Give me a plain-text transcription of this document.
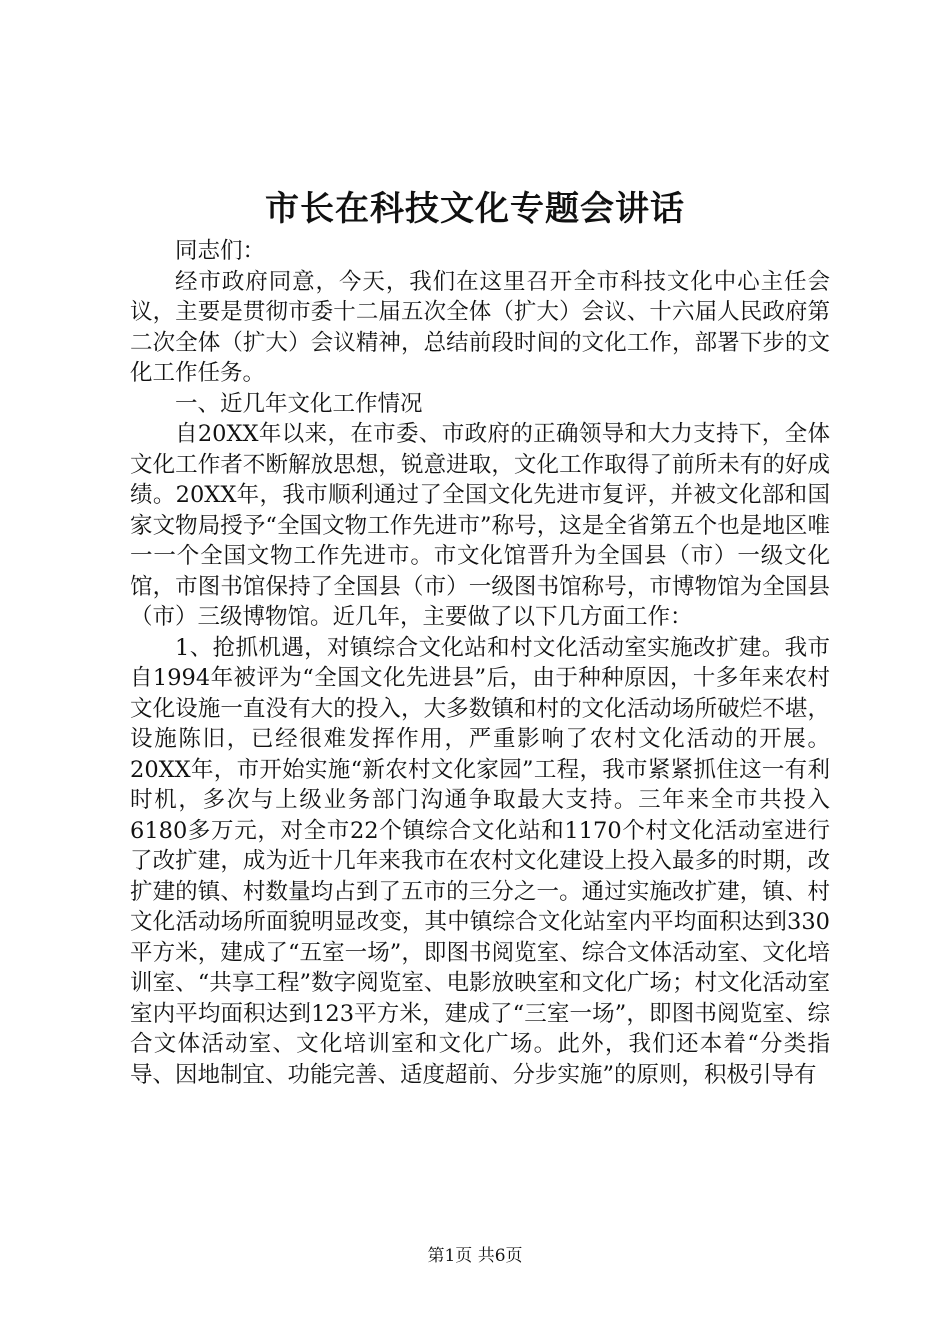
市长在科技文化专题会讲话

同志们：

经市政府同意，今天，我们在这里召开全市科技文化中心主任会议，主要是贯彻市委十二届五次全体（扩大）会议、十六届人民政府第二次全体（扩大）会议精神，总结前段时间的文化工作，部署下步的文化工作任务。

一、近几年文化工作情况

自20XX年以来，在市委、市政府的正确领导和大力支持下，全体文化工作者不断解放思想，锐意进取，文化工作取得了前所未有的好成绩。20XX年，我市顺利通过了全国文化先进市复评，并被文化部和国家文物局授予“全国文物工作先进市”称号，这是全省第五个也是地区唯一一个全国文物工作先进市。市文化馆晋升为全国县（市）一级文化馆，市图书馆保持了全国县（市）一级图书馆称号，市博物馆为全国县（市）三级博物馆。近几年，主要做了以下几方面工作：

1、抢抓机遇，对镇综合文化站和村文化活动室实施改扩建。我市自1994年被评为“全国文化先进县”后，由于种种原因，十多年来农村文化设施一直没有大的投入，大多数镇和村的文化活动场所破烂不堪，设施陈旧，已经很难发挥作用，严重影响了农村文化活动的开展。20XX年，市开始实施“新农村文化家园”工程，我市紧紧抓住这一有利时机，多次与上级业务部门沟通争取最大支持。三年来全市共投入6180多万元，对全市22个镇综合文化站和1170个村文化活动室进行了改扩建，成为近十几年来我市在农村文化建设上投入最多的时期，改扩建的镇、村数量均占到了五市的三分之一。通过实施改扩建，镇、村文化活动场所面貌明显改变，其中镇综合文化站室内平均面积达到330平方米，建成了“五室一场”，即图书阅览室、综合文体活动室、文化培训室、“共享工程”数字阅览室、电影放映室和文化广场；村文化活动室室内平均面积达到123平方米，建成了“三室一场”，即图书阅览室、综合文体活动室、文化培训室和文化广场。此外，我们还本着“分类指导、因地制宜、功能完善、适度超前、分步实施”的原则，积极引导有

第1页 共6页
